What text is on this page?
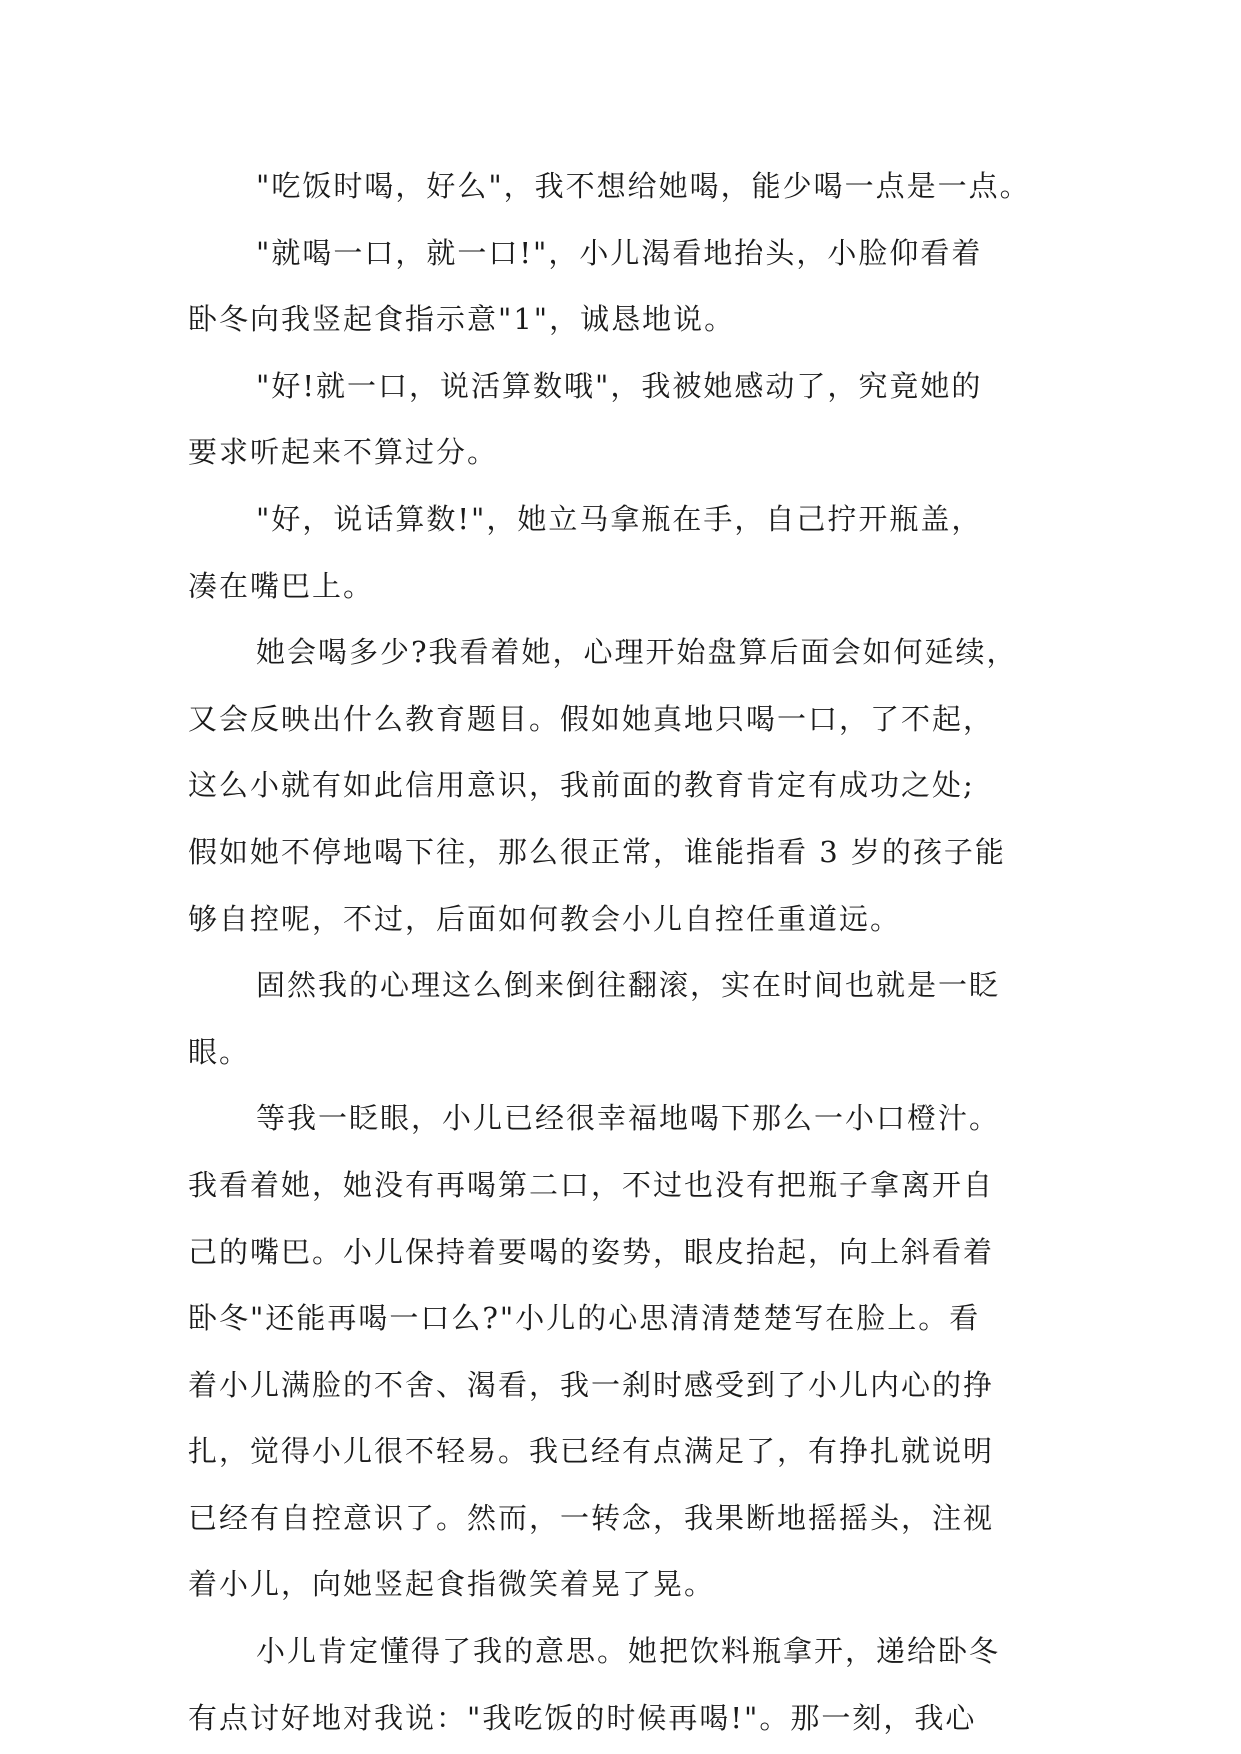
"吃饭时喝，好么"，我不想给她喝，能少喝一点是一点。
"就喝一口，就一口!"，小儿渴看地抬头，小脸仰看着
卧冬向我竖起食指示意"1"，诚恳地说。
"好!就一口，说活算数哦"，我被她感动了，究竟她的
要求听起来不算过分。
"好，说话算数!"，她立马拿瓶在手，自己拧开瓶盖，
凑在嘴巴上。
她会喝多少?我看着她，心理开始盘算后面会如何延续，
又会反映出什么教育题目。假如她真地只喝一口，了不起，
这么小就有如此信用意识，我前面的教育肯定有成功之处;
假如她不停地喝下往，那么很正常，谁能指看 3 岁的孩子能
够自控呢，不过，后面如何教会小儿自控任重道远。
固然我的心理这么倒来倒往翻滚，实在时间也就是一眨
眼。
等我一眨眼，小儿已经很幸福地喝下那么一小口橙汁。
我看着她，她没有再喝第二口，不过也没有把瓶子拿离开自
己的嘴巴。小儿保持着要喝的姿势，眼皮抬起，向上斜看着
卧冬"还能再喝一口么?"小儿的心思清清楚楚写在脸上。看
着小儿满脸的不舍、渴看，我一刹时感受到了小儿内心的挣
扎，觉得小儿很不轻易。我已经有点满足了，有挣扎就说明
已经有自控意识了。然而，一转念，我果断地摇摇头，注视
着小儿，向她竖起食指微笑着晃了晃。
小儿肯定懂得了我的意思。她把饮料瓶拿开，递给卧冬
有点讨好地对我说："我吃饭的时候再喝!"。那一刻，我心
